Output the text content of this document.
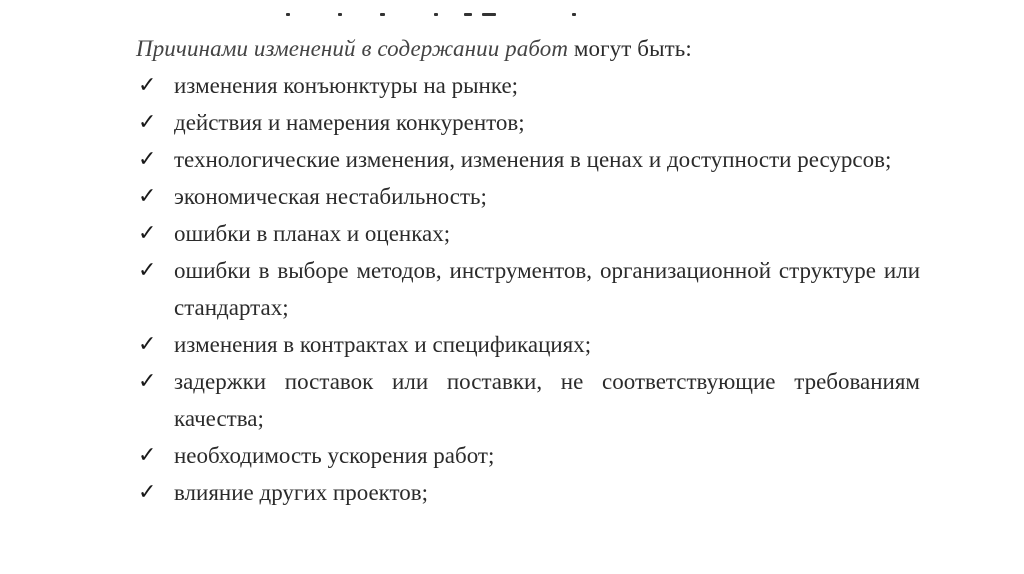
Причинами изменений в содержании работ могут быть:

✓ изменения конъюнктуры на рынке;
✓ действия и намерения конкурентов;
✓ технологические изменения, изменения в ценах и доступности ресурсов;
✓ экономическая нестабильность;
✓ ошибки в планах и оценках;
✓ ошибки в выборе методов, инструментов, организационной структуре или стандартах;
✓ изменения в контрактах и спецификациях;
✓ задержки поставок или поставки, не соответствующие требованиям качества;
✓ необходимость ускорения работ;
✓ влияние других проектов;
